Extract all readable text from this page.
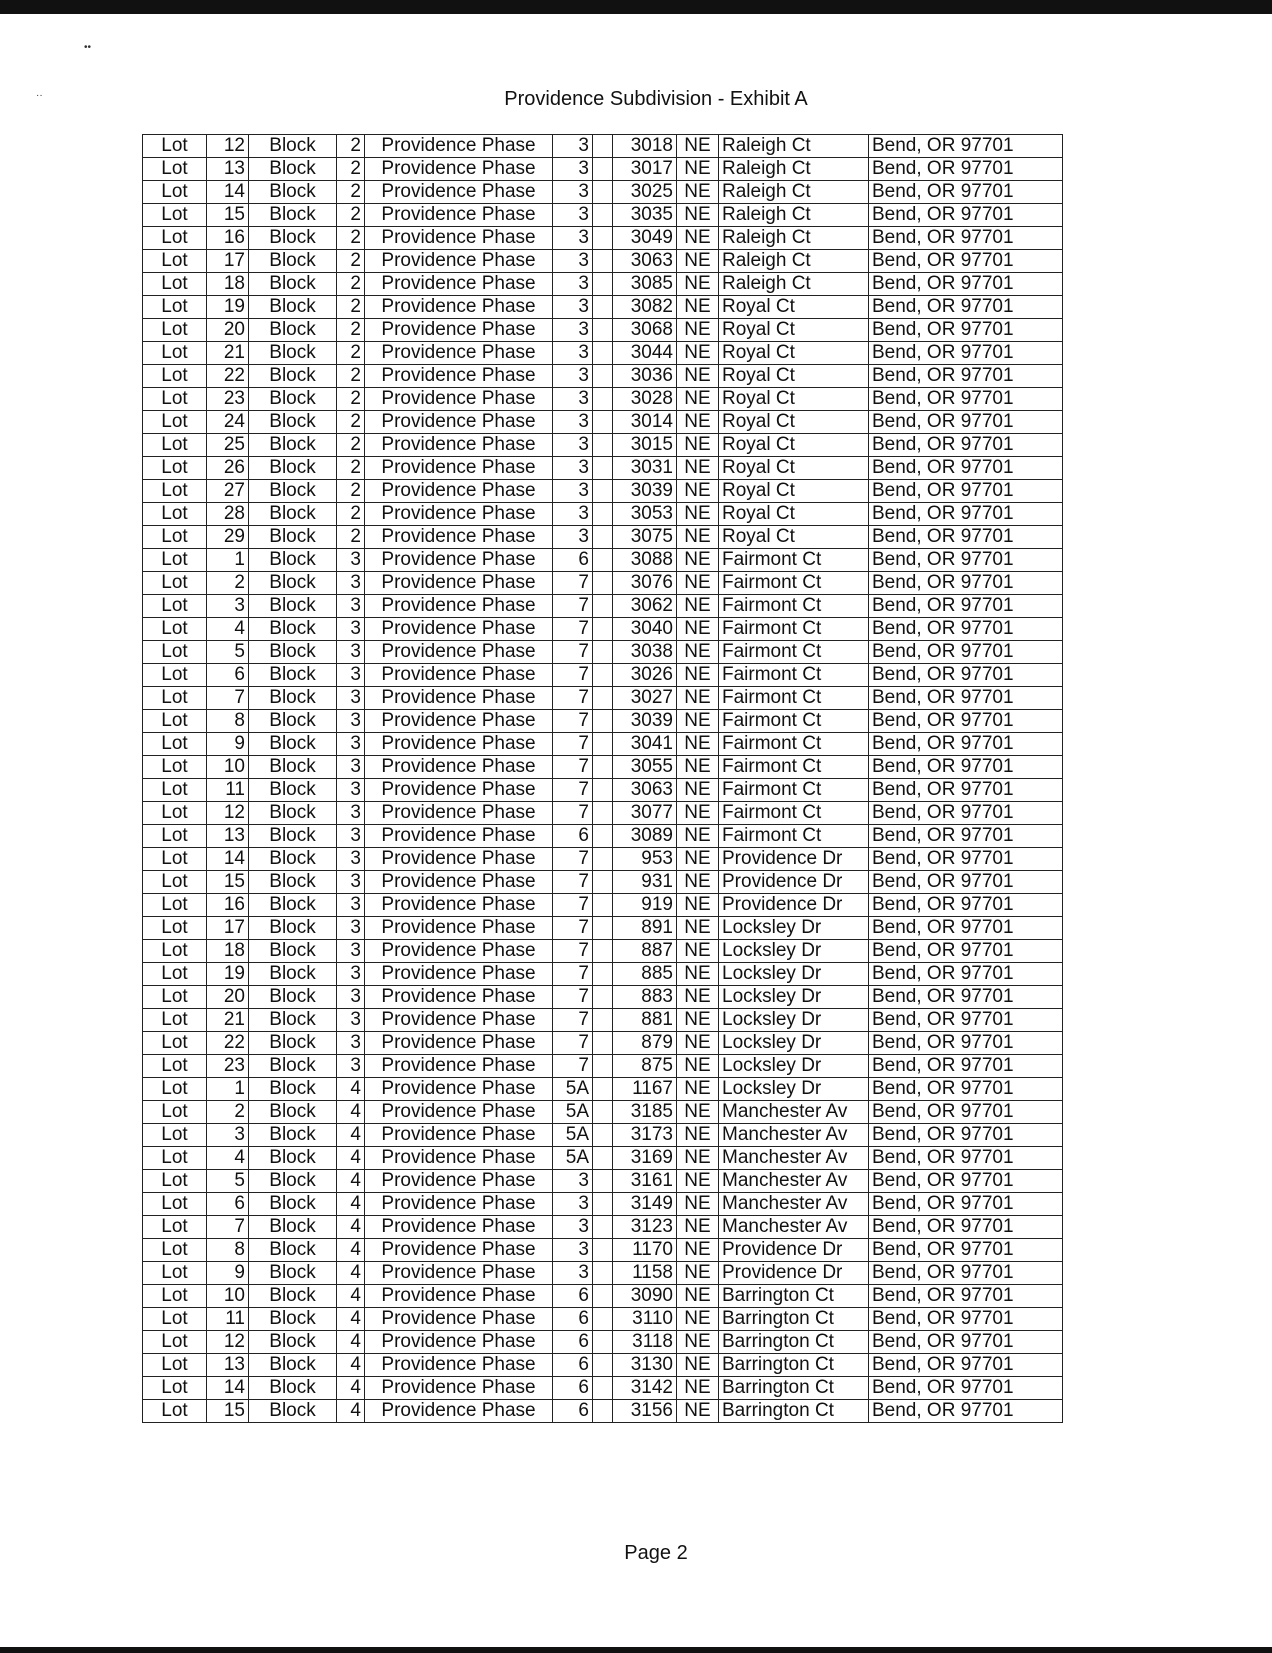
••
··	Providence Subdivision - Exhibit A
Lot	12	Block	2	Providence Phase	3		3018	NE	Raleigh Ct	Bend, OR 97701
Lot	13	Block	2	Providence Phase	3		3017	NE	Raleigh Ct	Bend, OR 97701
Lot	14	Block	2	Providence Phase	3		3025	NE	Raleigh Ct	Bend, OR 97701
Lot	15	Block	2	Providence Phase	3		3035	NE	Raleigh Ct	Bend, OR 97701
Lot	16	Block	2	Providence Phase	3		3049	NE	Raleigh Ct	Bend, OR 97701
Lot	17	Block	2	Providence Phase	3		3063	NE	Raleigh Ct	Bend, OR 97701
Lot	18	Block	2	Providence Phase	3		3085	NE	Raleigh Ct	Bend, OR 97701
Lot	19	Block	2	Providence Phase	3		3082	NE	Royal Ct	Bend, OR 97701
Lot	20	Block	2	Providence Phase	3		3068	NE	Royal Ct	Bend, OR 97701
Lot	21	Block	2	Providence Phase	3		3044	NE	Royal Ct	Bend, OR 97701
Lot	22	Block	2	Providence Phase	3		3036	NE	Royal Ct	Bend, OR 97701
Lot	23	Block	2	Providence Phase	3		3028	NE	Royal Ct	Bend, OR 97701
Lot	24	Block	2	Providence Phase	3		3014	NE	Royal Ct	Bend, OR 97701
Lot	25	Block	2	Providence Phase	3		3015	NE	Royal Ct	Bend, OR 97701
Lot	26	Block	2	Providence Phase	3		3031	NE	Royal Ct	Bend, OR 97701
Lot	27	Block	2	Providence Phase	3		3039	NE	Royal Ct	Bend, OR 97701
Lot	28	Block	2	Providence Phase	3		3053	NE	Royal Ct	Bend, OR 97701
Lot	29	Block	2	Providence Phase	3		3075	NE	Royal Ct	Bend, OR 97701
Lot	1	Block	3	Providence Phase	6		3088	NE	Fairmont Ct	Bend, OR 97701
Lot	2	Block	3	Providence Phase	7		3076	NE	Fairmont Ct	Bend, OR 97701
Lot	3	Block	3	Providence Phase	7		3062	NE	Fairmont Ct	Bend, OR 97701
Lot	4	Block	3	Providence Phase	7		3040	NE	Fairmont Ct	Bend, OR 97701
Lot	5	Block	3	Providence Phase	7		3038	NE	Fairmont Ct	Bend, OR 97701
Lot	6	Block	3	Providence Phase	7		3026	NE	Fairmont Ct	Bend, OR 97701
Lot	7	Block	3	Providence Phase	7		3027	NE	Fairmont Ct	Bend, OR 97701
Lot	8	Block	3	Providence Phase	7		3039	NE	Fairmont Ct	Bend, OR 97701
Lot	9	Block	3	Providence Phase	7		3041	NE	Fairmont Ct	Bend, OR 97701
Lot	10	Block	3	Providence Phase	7		3055	NE	Fairmont Ct	Bend, OR 97701
Lot	11	Block	3	Providence Phase	7		3063	NE	Fairmont Ct	Bend, OR 97701
Lot	12	Block	3	Providence Phase	7		3077	NE	Fairmont Ct	Bend, OR 97701
Lot	13	Block	3	Providence Phase	6		3089	NE	Fairmont Ct	Bend, OR 97701
Lot	14	Block	3	Providence Phase	7		953	NE	Providence Dr	Bend, OR 97701
Lot	15	Block	3	Providence Phase	7		931	NE	Providence Dr	Bend, OR 97701
Lot	16	Block	3	Providence Phase	7		919	NE	Providence Dr	Bend, OR 97701
Lot	17	Block	3	Providence Phase	7		891	NE	Locksley Dr	Bend, OR 97701
Lot	18	Block	3	Providence Phase	7		887	NE	Locksley Dr	Bend, OR 97701
Lot	19	Block	3	Providence Phase	7		885	NE	Locksley Dr	Bend, OR 97701
Lot	20	Block	3	Providence Phase	7		883	NE	Locksley Dr	Bend, OR 97701
Lot	21	Block	3	Providence Phase	7		881	NE	Locksley Dr	Bend, OR 97701
Lot	22	Block	3	Providence Phase	7		879	NE	Locksley Dr	Bend, OR 97701
Lot	23	Block	3	Providence Phase	7		875	NE	Locksley Dr	Bend, OR 97701
Lot	1	Block	4	Providence Phase	5A		1167	NE	Locksley Dr	Bend, OR 97701
Lot	2	Block	4	Providence Phase	5A		3185	NE	Manchester Av	Bend, OR 97701
Lot	3	Block	4	Providence Phase	5A		3173	NE	Manchester Av	Bend, OR 97701
Lot	4	Block	4	Providence Phase	5A		3169	NE	Manchester Av	Bend, OR 97701
Lot	5	Block	4	Providence Phase	3		3161	NE	Manchester Av	Bend, OR 97701
Lot	6	Block	4	Providence Phase	3		3149	NE	Manchester Av	Bend, OR 97701
Lot	7	Block	4	Providence Phase	3		3123	NE	Manchester Av	Bend, OR 97701
Lot	8	Block	4	Providence Phase	3		1170	NE	Providence Dr	Bend, OR 97701
Lot	9	Block	4	Providence Phase	3		1158	NE	Providence Dr	Bend, OR 97701
Lot	10	Block	4	Providence Phase	6		3090	NE	Barrington Ct	Bend, OR 97701
Lot	11	Block	4	Providence Phase	6		3110	NE	Barrington Ct	Bend, OR 97701
Lot	12	Block	4	Providence Phase	6		3118	NE	Barrington Ct	Bend, OR 97701
Lot	13	Block	4	Providence Phase	6		3130	NE	Barrington Ct	Bend, OR 97701
Lot	14	Block	4	Providence Phase	6		3142	NE	Barrington Ct	Bend, OR 97701
Lot	15	Block	4	Providence Phase	6		3156	NE	Barrington Ct	Bend, OR 97701
Page 2
